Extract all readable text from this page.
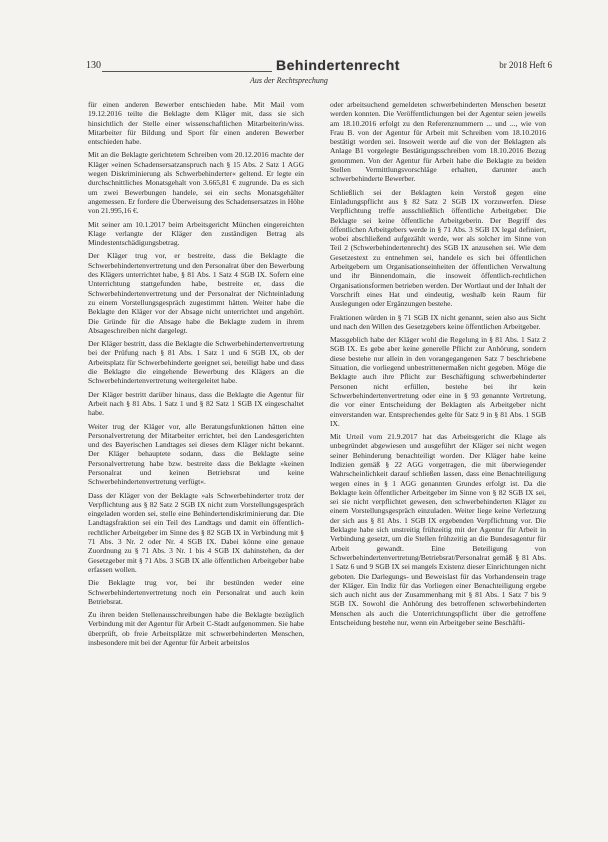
130	Behindertenrecht	br 2018 Heft 6
Aus der Rechtsprechung

für einen anderen Bewerber entschieden habe. Mit Mail vom 19.12.2016 teilte die Beklagte dem Kläger mit, dass sie sich hinsichtlich der Stelle einer wissenschaftlichen Mitarbeiterin/wiss. Mitarbeiter für Bildung und Sport für einen anderen Bewerber entschieden habe.

Mit an die Beklagte gerichtetem Schreiben vom 20.12.2016 machte der Kläger »einen Schadensersatzanspruch nach § 15 Abs. 2 Satz 1 AGG wegen Diskriminierung als Schwerbehinderter« geltend. Er legte ein durchschnittliches Monatsgehalt von 3.665,81 € zugrunde. Da es sich um zwei Bewerbungen handele, sei ein sechs Monatsgehälter angemessen. Er fordere die Überweisung des Schadensersatzes in Höhe von 21.995,16 €.

Mit seiner am 10.1.2017 beim Arbeitsgericht München eingereichten Klage verlangte der Kläger den zuständigen Betrag als Mindestentschädigungsbetrag.

Der Kläger trug vor, er bestreite, dass die Beklagte die Schwerbehindertenvertretung und den Personalrat über den Bewerbung des Klägers unterrichtet habe, § 81 Abs. 1 Satz 4 SGB IX. Sofern eine Unterrichtung stattgefunden habe, bestreite er, dass die Schwerbehindertenvertretung und der Personalrat der Nichteinladung zu einem Vorstellungsgespräch zugestimmt hätten. Weiter habe die Beklagte den Kläger vor der Absage nicht unterrichtet und angehört. Die Gründe für die Absage habe die Beklagte zudem in ihrem Absageschreiben nicht dargelegt.

Der Kläger bestritt, dass die Beklagte die Schwerbehindertenvertretung bei der Prüfung nach § 81 Abs. 1 Satz 1 und 6 SGB IX, ob der Arbeitsplatz für Schwerbehinderte geeignet sei, beteiligt habe und dass die Beklagte die eingehende Bewerbung des Klägers an die Schwerbehindertenvertretung weitergeleitet habe.

Der Kläger bestritt darüber hinaus, dass die Beklagte die Agentur für Arbeit nach § 81 Abs. 1 Satz 1 und § 82 Satz 1 SGB IX eingeschaltet habe.

Weiter trug der Kläger vor, alle Beratungsfunktionen hätten eine Personalvertretung der Mitarbeiter errichtet, bei den Landesgerichten und des Bayerischen Landtages sei dieses dem Kläger nicht bekannt. Der Kläger behauptete sodann, dass die Beklagte seine Personalvertretung habe bzw. bestreite dass die Beklagte »keinen Personalrat und keinen Betriebsrat und keine Schwerbehindertenvertretung verfügt«.

Dass der Kläger von der Beklagte »als Schwerbehinderter trotz der Verpflichtung aus § 82 Satz 2 SGB IX nicht zum Vorstellungsgespräch eingeladen worden sei, stelle eine Behindertendiskriminierung dar. Die Landtagsfraktion sei ein Teil des Landtags und damit ein öffentlich-rechtlicher Arbeitgeber im Sinne des § 82 SGB IX in Verbindung mit § 71 Abs. 3 Nr. 2 oder Nr. 4 SGB IX. Dabei könne eine genaue Zuordnung zu § 71 Abs. 3 Nr. 1 bis 4 SGB IX dahinstehen, da der Gesetzgeber mit § 71 Abs. 3 SGB IX alle öffentlichen Arbeitgeber habe erfassen wollen.

Die Beklagte trug vor, bei ihr bestünden weder eine Schwerbehindertenvertretung noch ein Personalrat und auch kein Betriebsrat.

Zu ihren beiden Stellenausschreibungen habe die Beklagte bezüglich Verbindung mit der Agentur für Arbeit C-Stadt aufgenommen. Sie habe überprüft, ob freie Arbeitsplätze mit schwerbehinderten Menschen, insbesondere mit bei der Agentur für Arbeit arbeitslos

oder arbeitsuchend gemeldeten schwerbehinderten Menschen besetzt werden konnten. Die Veröffentlichungen bei der Agentur seien jeweils am 18.10.2016 erfolgt zu den Referenznummern ... und ..., wie von Frau B. von der Agentur für Arbeit mit Schreiben vom 18.10.2016 bestätigt worden sei. Insoweit werde auf die von der Beklagten als Anlage B1 vorgelegte Bestätigungsschreiben vom 18.10.2016 Bezug genommen. Von der Agentur für Arbeit habe die Beklagte zu beiden Stellen Vermittlungsvorschläge erhalten, darunter auch schwerbehinderte Bewerber.

Schließlich sei der Beklagten kein Verstoß gegen eine Einladungspflicht aus § 82 Satz 2 SGB IX vorzuwerfen. Diese Verpflichtung treffe ausschließlich öffentliche Arbeitgeber. Die Beklagte sei keine öffentliche Arbeitgeberin. Der Begriff des öffentlichen Arbeitgebers werde in § 71 Abs. 3 SGB IX legal definiert, wobei abschließend aufgezählt werde, wer als solcher im Sinne von Teil 2 (Schwerbehindertenrecht) des SGB IX anzusehen sei. Wie dem Gesetzestext zu entnehmen sei, handele es sich bei öffentlichen Arbeitgebern um Organisationseinheiten der öffentlichen Verwaltung und ihr Binnendomain, die insoweit öffentlich-rechtlichen Organisationsformen betrieben werden. Der Wortlaut und der Inhalt der Vorschrift eines Hat und eindeutig, weshalb kein Raum für Auslegungen oder Ergänzungen bestehe.

Fraktionen würden in § 71 SGB IX nicht genannt, seien also aus Sicht und nach den Willen des Gesetzgebers keine öffentlichen Arbeitgeber.

Massgeblich habe der Kläger wohl die Regelung in § 81 Abs. 1 Satz 2 SGB IX. Es gebe aber keine generelle Pflicht zur Anhörung, sondern diese bestehe nur allein in den vorangegangenen Satz 7 beschriebene Situation, die vorliegend unbestrittenermaßen nicht gegeben. Möge die Beklagte auch ihre Pflicht zur Beschäftigung schwerbehinderter Personen nicht erfüllen, bestehe bei ihr kein Schwerbehindertenvertretung oder eine in § 93 genannte Vertretung, die vor einer Entscheidung der Beklagten als Arbeitgeber nicht einverstanden war. Entsprechendes gelte für Satz 9 in § 81 Abs. 1 SGB IX.

Mit Urteil vom 21.9.2017 hat das Arbeitsgericht die Klage als unbegründet abgewiesen und ausgeführt der Kläger sei nicht wegen seiner Behinderung benachteiligt worden. Der Kläger habe keine Indizien gemäß § 22 AGG vorgetragen, die mit überwiegender Wahrscheinlichkeit darauf schließen lassen, dass eine Benachteiligung wegen eines in § 1 AGG genannten Grundes erfolgt ist. Da die Beklagte kein öffentlicher Arbeitgeber im Sinne von § 82 SGB IX sei, sei sie nicht verpflichtet gewesen, den schwerbehinderten Kläger zu einem Vorstellungsgespräch einzuladen. Weiter liege keine Verletzung der sich aus § 81 Abs. 1 SGB IX ergebenden Verpflichtung vor. Die Beklagte habe sich unstreitig frühzeitig mit der Agentur für Arbeit in Verbindung gesetzt, um die Stellen frühzeitig an die Bundesagentur für Arbeit gewandt. Eine Beteiligung von Schwerbehindertenvertretung/Betriebsrat/Personalrat gemäß § 81 Abs. 1 Satz 6 und 9 SGB IX sei mangels Existenz dieser Einrichtungen nicht geboten. Die Darlegungs- und Beweislast für das Vorhandensein trage der Kläger. Ein Indiz für das Vorliegen einer Benachteiligung ergebe sich auch nicht aus der Zusammenhang mit § 81 Abs. 1 Satz 7 bis 9 SGB IX. Sowohl die Anhörung des betroffenen schwerbehinderten Menschen als auch die Unterrichtungspflicht über die getroffene Entscheidung bestehe nur, wenn ein Arbeitgeber seine Beschäfti-
